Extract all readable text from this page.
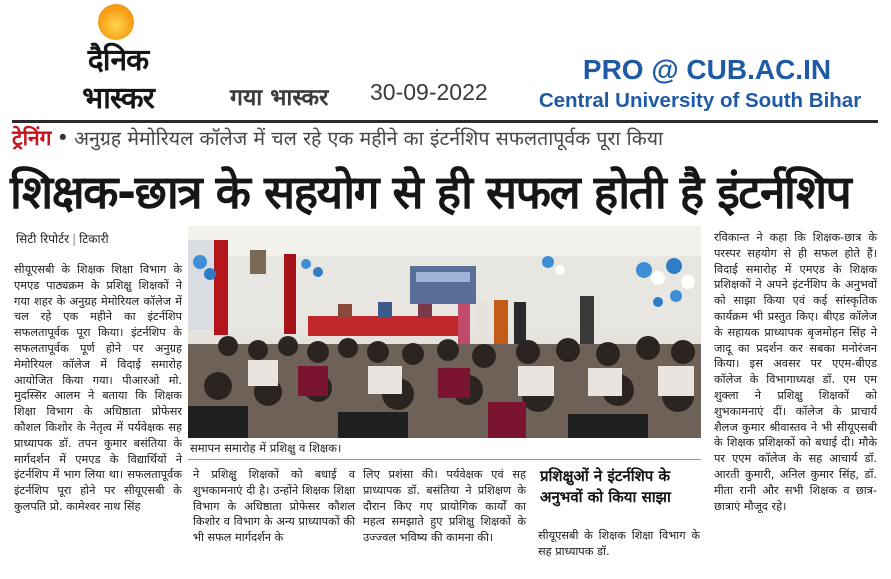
दैनिक
भास्कर	गया भास्कर 30-09-2022
PRO @ CUB.AC.IN
Central University of South Bihar
ट्रेनिंग • अनुग्रह मेमोरियल कॉलेज में चल रहे एक महीने का इंटर्नशिप सफलतापूर्वक पूरा किया
शिक्षक-छात्र के सहयोग से ही सफल होती है इंटर्नशिप
सिटी रिपोर्टर | टिकारी
समापन समारोह में प्रशिक्षु व शिक्षक।
सीयूएसबी के शिक्षक शिक्षा विभाग के एमएड पाठ्यक्रम के प्रशिक्षु शिक्षकों ने गया शहर के अनुग्रह मेमोरियल कॉलेज में चल रहे एक महीने का इंटर्नशिप सफलतापूर्वक पूरा किया। इंटर्नशिप के सफलतापूर्वक पूर्ण होने पर अनुग्रह मेमोरियल कॉलेज में विदाई समारोह आयोजित किया गया। पीआरओ मो. मुदस्सिर आलम ने बताया कि शिक्षक शिक्षा विभाग के अधिष्ठाता प्रोफेसर कौशल किशोर के नेतृत्व में पर्यवेक्षक सह प्राध्यापक डॉ. तपन कुमार बसंतिया के मार्गदर्शन में एमएड के विद्यार्थियों ने इंटर्नशिप में भाग लिया था। सफलतापूर्वक इंटर्नशिप पूरा होने पर सीयूएसबी के कुलपति प्रो. कामेश्वर नाथ सिंह
ने प्रशिक्षु शिक्षकों को बधाई व शुभकामनाएं दी है। उन्होंने शिक्षक शिक्षा विभाग के अधिष्ठाता प्रोफेसर कौशल किशोर व विभाग के अन्य प्राध्यापकों की भी सफल मार्गदर्शन के
लिए प्रशंसा की। पर्यवेक्षक एवं सह प्राध्यापक डॉ. बसंतिया ने प्रशिक्षण के दौरान किए गए प्रायोगिक कार्यों का महत्व समझाते हुए प्रशिक्षु शिक्षकों के उज्ज्वल भविष्य की कामना की।
प्रशिक्षुओं ने इंटर्नशिप के अनुभवों को किया साझा
सीयूएसबी के शिक्षक शिक्षा विभाग के सह प्राध्यापक डॉ.
रविकान्त ने कहा कि शिक्षक-छात्र के परस्पर सहयोग से ही सफल होते हैं। विदाई समारोह में एमएड के शिक्षक प्रशिक्षकों ने अपने इंटर्नशिप के अनुभवों को साझा किया एवं कई सांस्कृतिक कार्यक्रम भी प्रस्तुत किए। बीएड कॉलेज के सहायक प्राध्यापक बृजमोहन सिंह ने जादू का प्रदर्शन कर सबका मनोरंजन किया। इस अवसर पर एएम-बीएड कॉलेज के विभागाध्यक्ष डॉ. एम एम शुक्ला ने प्रशिक्षु शिक्षकों को शुभकामनाएं दीं। कॉलेज के प्राचार्य शैलज कुमार श्रीवास्तव ने भी सीयूएसबी के शिक्षक प्रशिक्षकों को बधाई दी। मौके पर एएम कॉलेज के सह आचार्य डॉ. आरती कुमारी, अनिल कुमार सिंह, डॉ. मीता रानी और सभी शिक्षक व छात्र-छात्राएं मौजूद रहे।
